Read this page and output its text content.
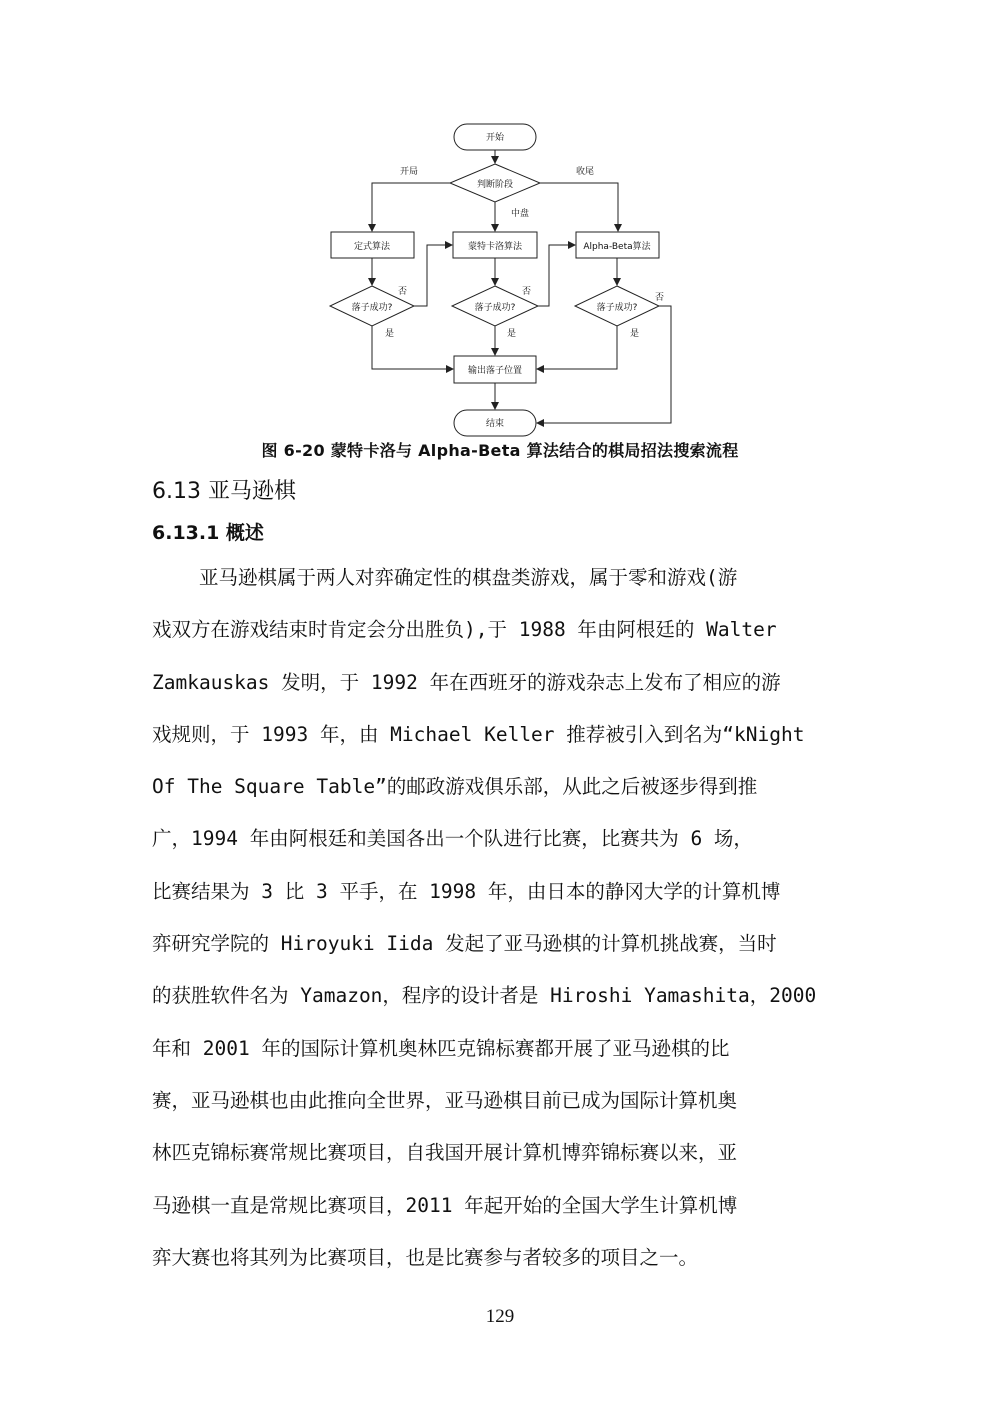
开始
判断阶段
开局
中盘
收尾
定式算法	蒙特卡洛算法	Alpha-Beta算法
落子成功?	落子成功?	落子成功?
否	否
否
是	是	是
输出落子位置
结束
图 6-20 蒙特卡洛与 Alpha-Beta 算法结合的棋局招法搜索流程
6.13 亚马逊棋
6.13.1 概述
亚马逊棋属于两人对弈确定性的棋盘类游戏，属于零和游戏(游
戏双方在游戏结束时肯定会分出胜负),于 1988 年由阿根廷的 Walter
Zamkauskas 发明，于 1992 年在西班牙的游戏杂志上发布了相应的游
戏规则，于 1993 年，由 Michael Keller 推荐被引入到名为“kNight
Of The Square Table”的邮政游戏俱乐部，从此之后被逐步得到推
广，1994 年由阿根廷和美国各出一个队进行比赛，比赛共为 6 场，
比赛结果为 3 比 3 平手，在 1998 年，由日本的静冈大学的计算机博
弈研究学院的 Hiroyuki Iida 发起了亚马逊棋的计算机挑战赛，当时
的获胜软件名为 Yamazon，程序的设计者是 Hiroshi Yamashita，2000
年和 2001 年的国际计算机奥林匹克锦标赛都开展了亚马逊棋的比
赛，亚马逊棋也由此推向全世界，亚马逊棋目前已成为国际计算机奥
林匹克锦标赛常规比赛项目，自我国开展计算机博弈锦标赛以来，亚
马逊棋一直是常规比赛项目，2011 年起开始的全国大学生计算机博
弈大赛也将其列为比赛项目，也是比赛参与者较多的项目之一。
129
